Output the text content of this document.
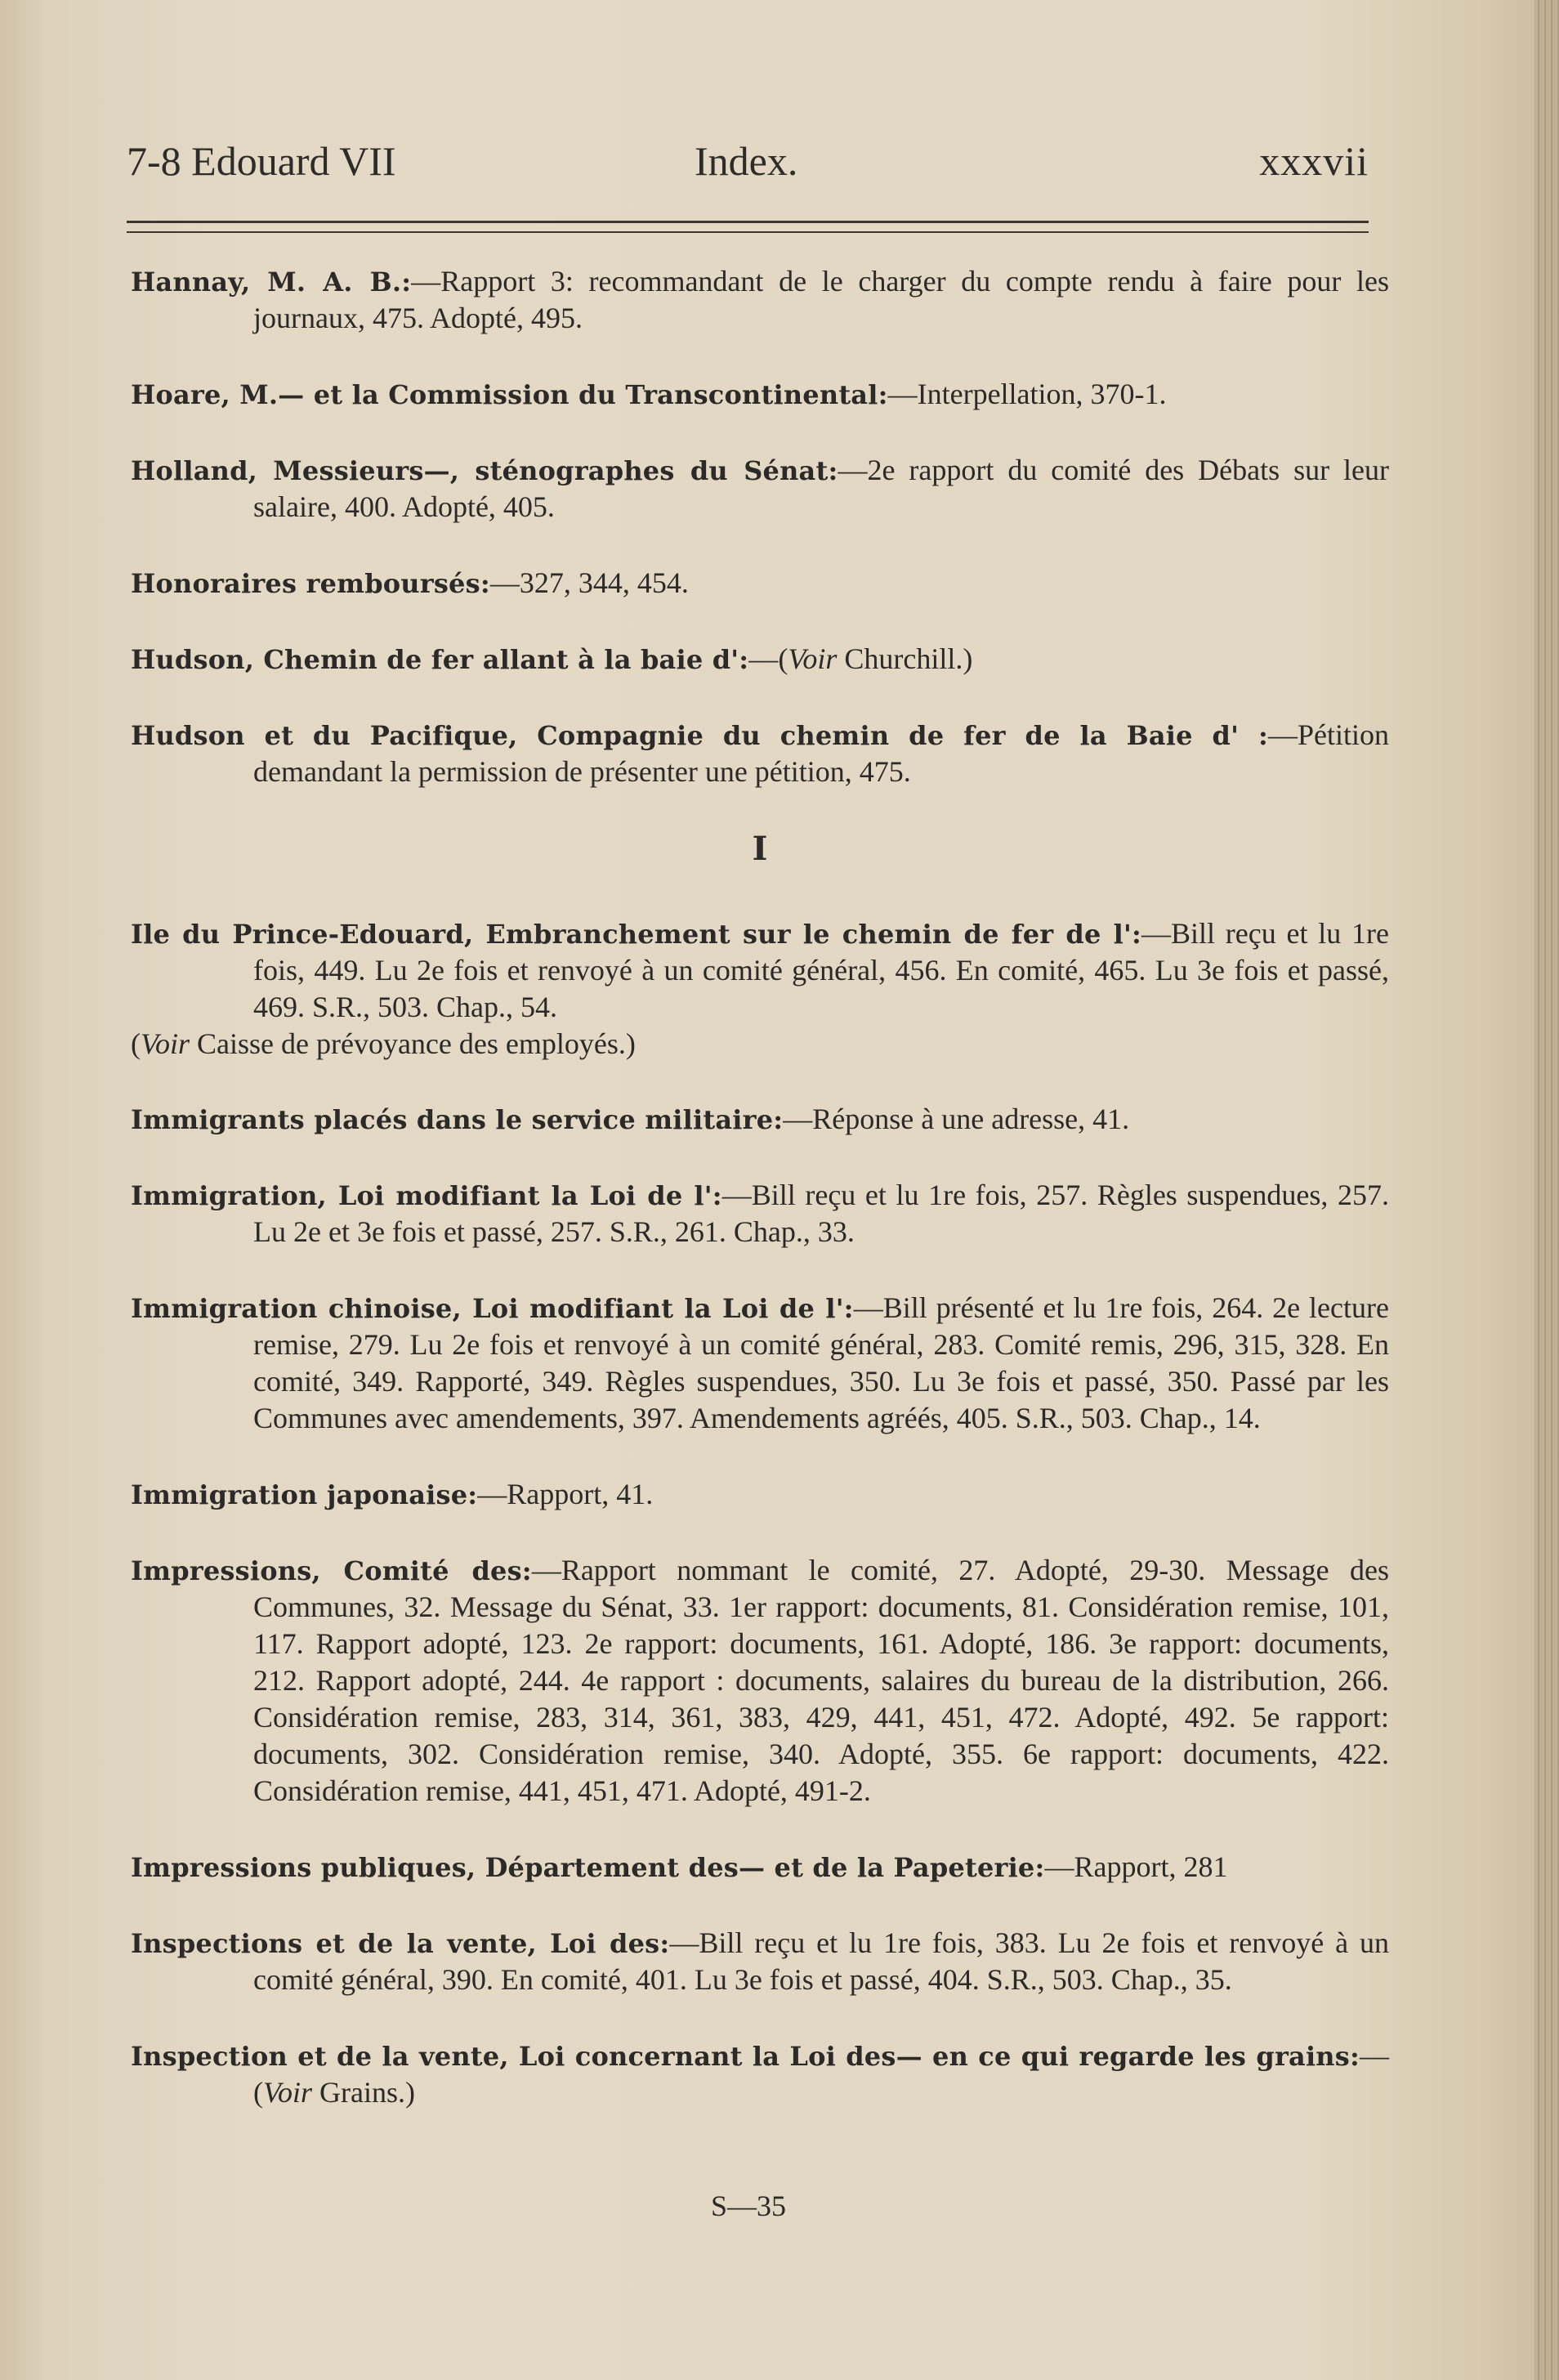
7-8 Edouard VII	Index.	xxxvii
Hannay, M. A. B.:—Rapport 3: recommandant de le charger du compte rendu à faire pour les journaux, 475. Adopté, 495.
Hoare, M.— et la Commission du Transcontinental:—Interpellation, 370-1.
Holland, Messieurs—, sténographes du Sénat:—2e rapport du comité des Débats sur leur salaire, 400. Adopté, 405.
Honoraires remboursés:—327, 344, 454.
Hudson, Chemin de fer allant à la baie d':—(Voir Churchill.)
Hudson et du Pacifique, Compagnie du chemin de fer de la Baie d' :—Pétition demandant la permission de présenter une pétition, 475.
I
Ile du Prince-Edouard, Embranchement sur le chemin de fer de l':—Bill reçu et lu 1re fois, 449. Lu 2e fois et renvoyé à un comité général, 456. En comité, 465. Lu 3e fois et passé, 469. S.R., 503. Chap., 54.
(Voir Caisse de prévoyance des employés.)
Immigrants placés dans le service militaire:—Réponse à une adresse, 41.
Immigration, Loi modifiant la Loi de l':—Bill reçu et lu 1re fois, 257. Règles suspendues, 257. Lu 2e et 3e fois et passé, 257. S.R., 261. Chap., 33.
Immigration chinoise, Loi modifiant la Loi de l':—Bill présenté et lu 1re fois, 264. 2e lecture remise, 279. Lu 2e fois et renvoyé à un comité général, 283. Comité remis, 296, 315, 328. En comité, 349. Rapporté, 349. Règles suspendues, 350. Lu 3e fois et passé, 350. Passé par les Communes avec amendements, 397. Amendements agréés, 405. S.R., 503. Chap., 14.
Immigration japonaise:—Rapport, 41.
Impressions, Comité des:—Rapport nommant le comité, 27. Adopté, 29-30. Message des Communes, 32. Message du Sénat, 33. 1er rapport: documents, 81. Considération remise, 101, 117. Rapport adopté, 123. 2e rapport: documents, 161. Adopté, 186. 3e rapport: documents, 212. Rapport adopté, 244. 4e rapport : documents, salaires du bureau de la distribution, 266. Considération remise, 283, 314, 361, 383, 429, 441, 451, 472. Adopté, 492. 5e rapport: documents, 302. Considération remise, 340. Adopté, 355. 6e rapport: documents, 422. Considération remise, 441, 451, 471. Adopté, 491-2.
Impressions publiques, Département des— et de la Papeterie:—Rapport, 281
Inspections et de la vente, Loi des:—Bill reçu et lu 1re fois, 383. Lu 2e fois et renvoyé à un comité général, 390. En comité, 401. Lu 3e fois et passé, 404. S.R., 503. Chap., 35.
Inspection et de la vente, Loi concernant la Loi des— en ce qui regarde les grains:—(Voir Grains.)
S—35
